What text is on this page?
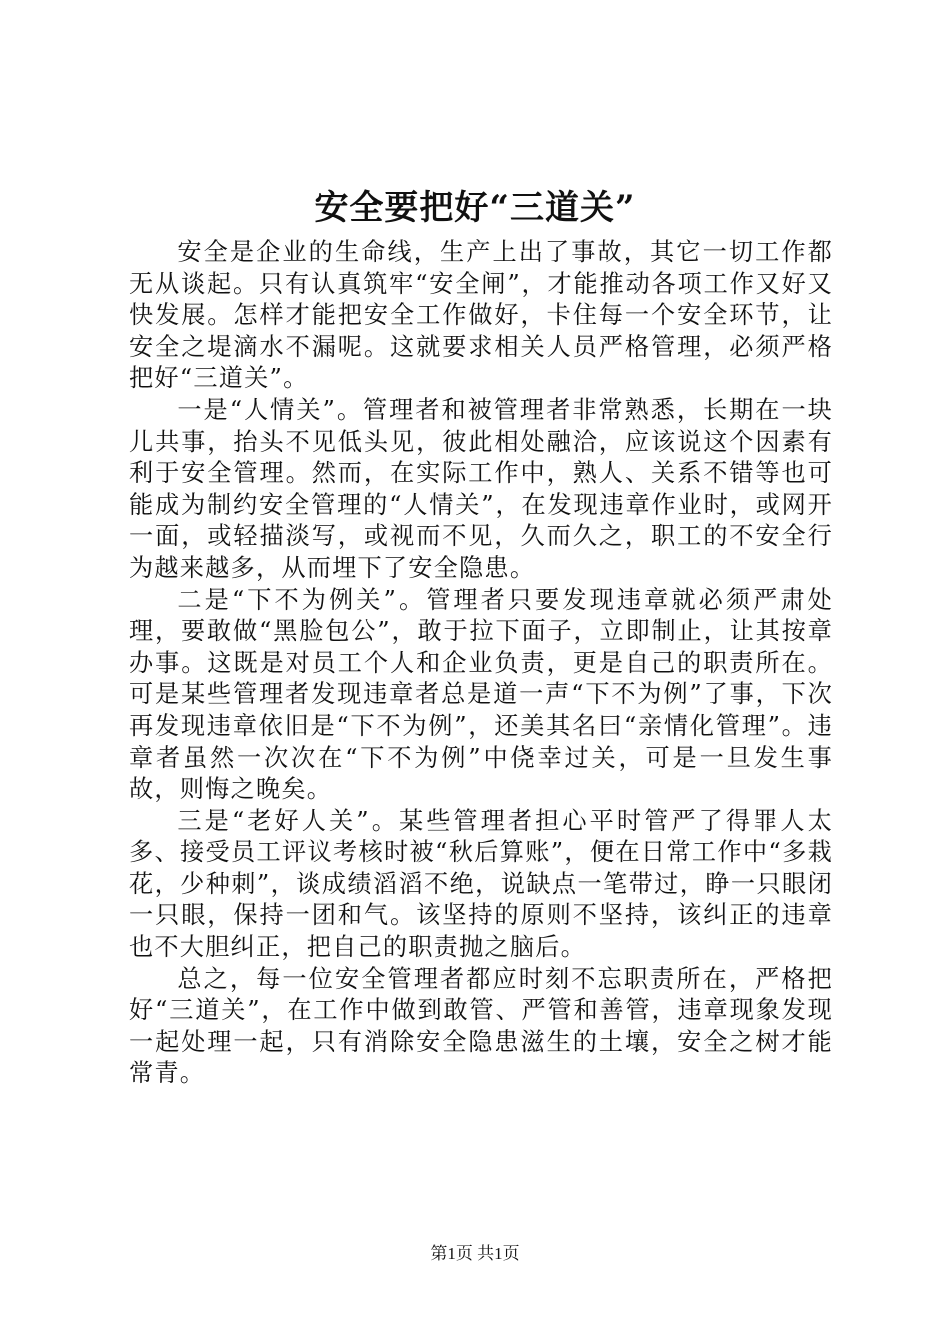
安全要把好“三道关”

安全是企业的生命线，生产上出了事故，其它一切工作都无从谈起。只有认真筑牢“安全闸”，才能推动各项工作又好又快发展。怎样才能把安全工作做好，卡住每一个安全环节，让安全之堤滴水不漏呢。这就要求相关人员严格管理，必须严格把好“三道关”。

一是“人情关”。管理者和被管理者非常熟悉，长期在一块儿共事，抬头不见低头见，彼此相处融洽，应该说这个因素有利于安全管理。然而，在实际工作中，熟人、关系不错等也可能成为制约安全管理的“人情关”，在发现违章作业时，或网开一面，或轻描淡写，或视而不见，久而久之，职工的不安全行为越来越多，从而埋下了安全隐患。

二是“下不为例关”。管理者只要发现违章就必须严肃处理，要敢做“黑脸包公”，敢于拉下面子，立即制止，让其按章办事。这既是对员工个人和企业负责，更是自己的职责所在。可是某些管理者发现违章者总是道一声“下不为例”了事，下次再发现违章依旧是“下不为例”，还美其名曰“亲情化管理”。违章者虽然一次次在“下不为例”中侥幸过关，可是一旦发生事故，则悔之晚矣。

三是“老好人关”。某些管理者担心平时管严了得罪人太多、接受员工评议考核时被“秋后算账”，便在日常工作中“多栽花，少种刺”，谈成绩滔滔不绝，说缺点一笔带过，睁一只眼闭一只眼，保持一团和气。该坚持的原则不坚持，该纠正的违章也不大胆纠正，把自己的职责抛之脑后。

总之，每一位安全管理者都应时刻不忘职责所在，严格把好“三道关”，在工作中做到敢管、严管和善管，违章现象发现一起处理一起，只有消除安全隐患滋生的土壤，安全之树才能常青。

第1页 共1页
